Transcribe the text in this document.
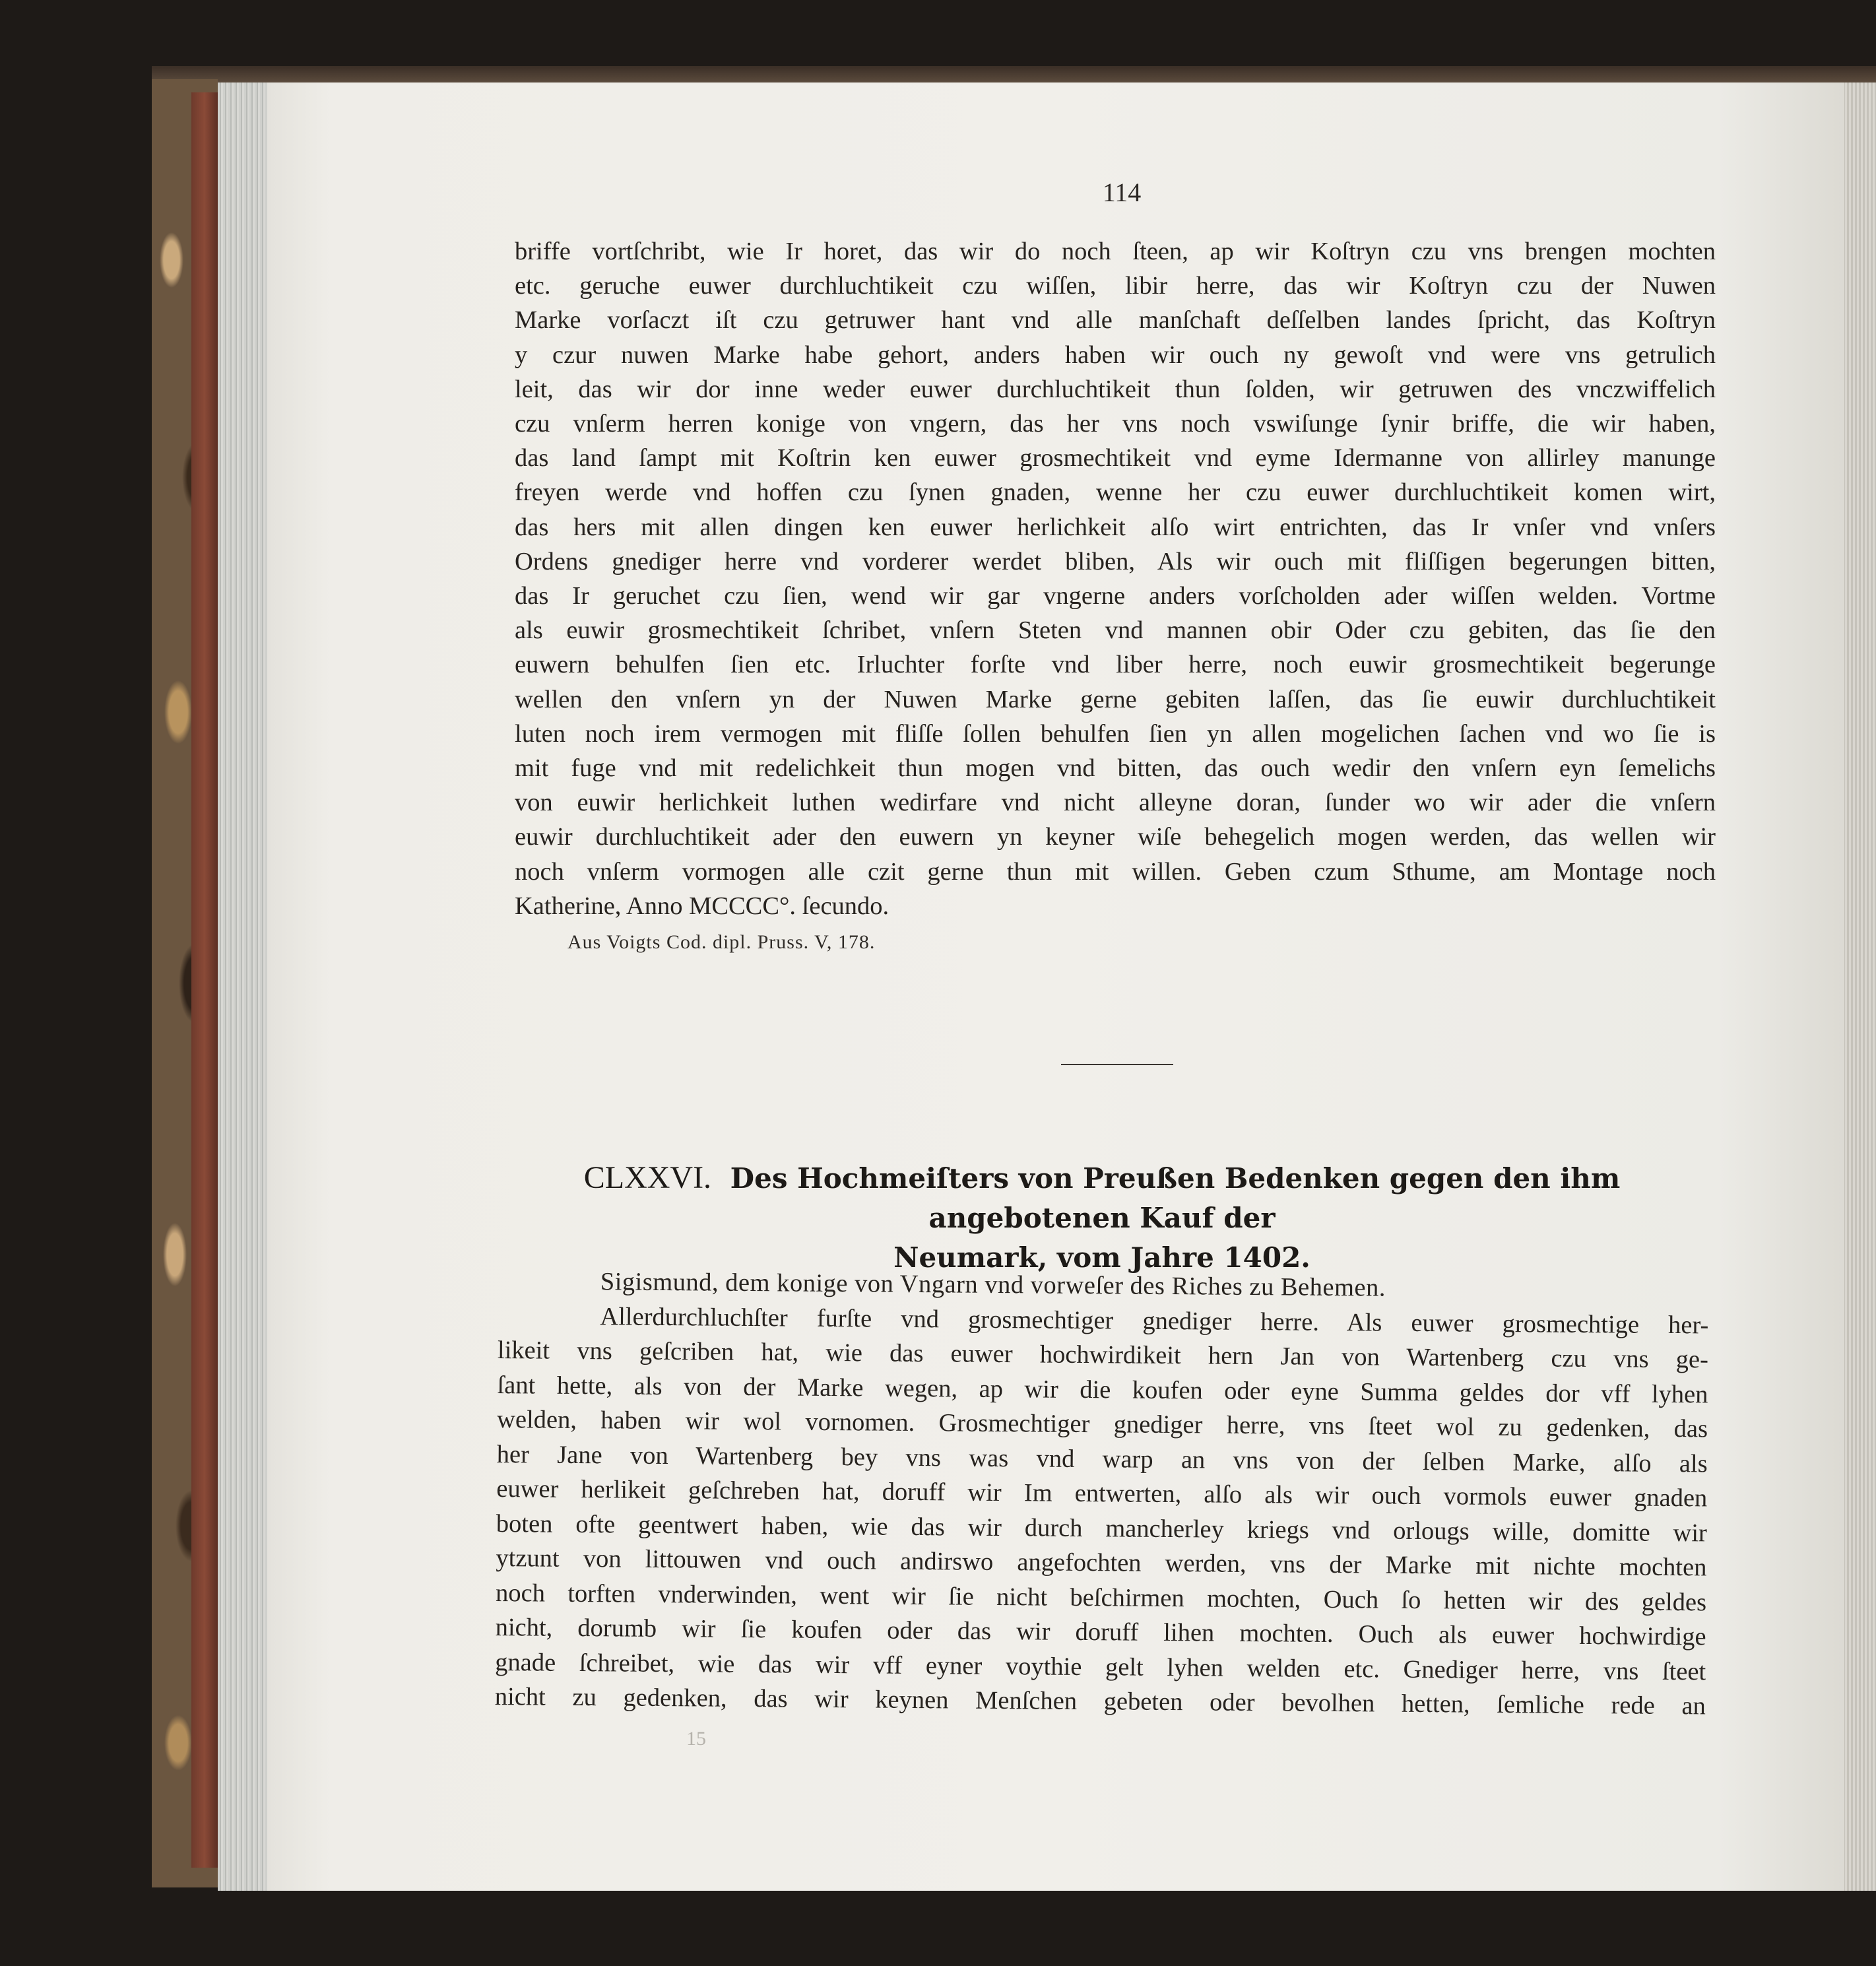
114
briffe vortſchribt, wie Ir horet, das wir do noch ſteen, ap wir Koſtryn czu vns brengen mochten
etc. geruche euwer durchluchtikeit czu wiſſen, libir herre, das wir Koſtryn czu der Nuwen
Marke vorſaczt iſt czu getruwer hant vnd alle manſchaft deſſelben landes ſpricht, das Koſtryn
y czur nuwen Marke habe gehort, anders haben wir ouch ny gewoſt vnd were vns getrulich
leit, das wir dor inne weder euwer durchluchtikeit thun ſolden, wir getruwen des vnczwiffelich
czu vnſerm herren konige von vngern, das her vns noch vswiſunge ſynir briffe, die wir haben,
das land ſampt mit Koſtrin ken euwer grosmechtikeit vnd eyme Idermanne von allirley manunge
freyen werde vnd hoffen czu ſynen gnaden, wenne her czu euwer durchluchtikeit komen wirt,
das hers mit allen dingen ken euwer herlichkeit alſo wirt entrichten, das Ir vnſer vnd vnſers
Ordens gnediger herre vnd vorderer werdet bliben, Als wir ouch mit fliſſigen begerungen bitten,
das Ir geruchet czu ſien, wend wir gar vngerne anders vorſcholden ader wiſſen welden. Vortme
als euwir grosmechtikeit ſchribet, vnſern Steten vnd mannen obir Oder czu gebiten, das ſie den
euwern behulfen ſien etc. Irluchter forſte vnd liber herre, noch euwir grosmechtikeit begerunge
wellen den vnſern yn der Nuwen Marke gerne gebiten laſſen, das ſie euwir durchluchtikeit
luten noch irem vermogen mit fliſſe ſollen behulfen ſien yn allen mogelichen ſachen vnd wo ſie is
mit fuge vnd mit redelichkeit thun mogen vnd bitten, das ouch wedir den vnſern eyn ſemelichs
von euwir herlichkeit luthen wedirfare vnd nicht alleyne doran, ſunder wo wir ader die vnſern
euwir durchluchtikeit ader den euwern yn keyner wiſe behegelich mogen werden, das wellen wir
noch vnſerm vormogen alle czit gerne thun mit willen. Geben czum Sthume, am Montage noch
Katherine, Anno MCCCC°. ſecundo.
Aus Voigts Cod. dipl. Pruss. V, 178.
CLXXVI. Des Hochmeiſters von Preußen Bedenken gegen den ihm angebotenen Kauf der
Neumark, vom Jahre 1402.
Sigismund, dem konige von Vngarn vnd vorweſer des Riches zu Behemen.
Allerdurchluchſter furſte vnd grosmechtiger gnediger herre. Als euwer grosmechtige her-
likeit vns geſcriben hat, wie das euwer hochwirdikeit hern Jan von Wartenberg czu vns ge-
ſant hette, als von der Marke wegen, ap wir die koufen oder eyne Summa geldes dor vff lyhen
welden, haben wir wol vornomen. Grosmechtiger gnediger herre, vns ſteet wol zu gedenken, das
her Jane von Wartenberg bey vns was vnd warp an vns von der ſelben Marke, alſo als
euwer herlikeit geſchreben hat, doruff wir Im entwerten, alſo als wir ouch vormols euwer gnaden
boten ofte geentwert haben, wie das wir durch mancherley kriegs vnd orlougs wille, domitte wir
ytzunt von littouwen vnd ouch andirswo angefochten werden, vns der Marke mit nichte mochten
noch torften vnderwinden, went wir ſie nicht beſchirmen mochten, Ouch ſo hetten wir des geldes
nicht, dorumb wir ſie koufen oder das wir doruff lihen mochten. Ouch als euwer hochwirdige
gnade ſchreibet, wie das wir vff eyner voythie gelt lyhen welden etc. Gnediger herre, vns ſteet
nicht zu gedenken, das wir keynen Menſchen gebeten oder bevolhen hetten, ſemliche rede an
15
